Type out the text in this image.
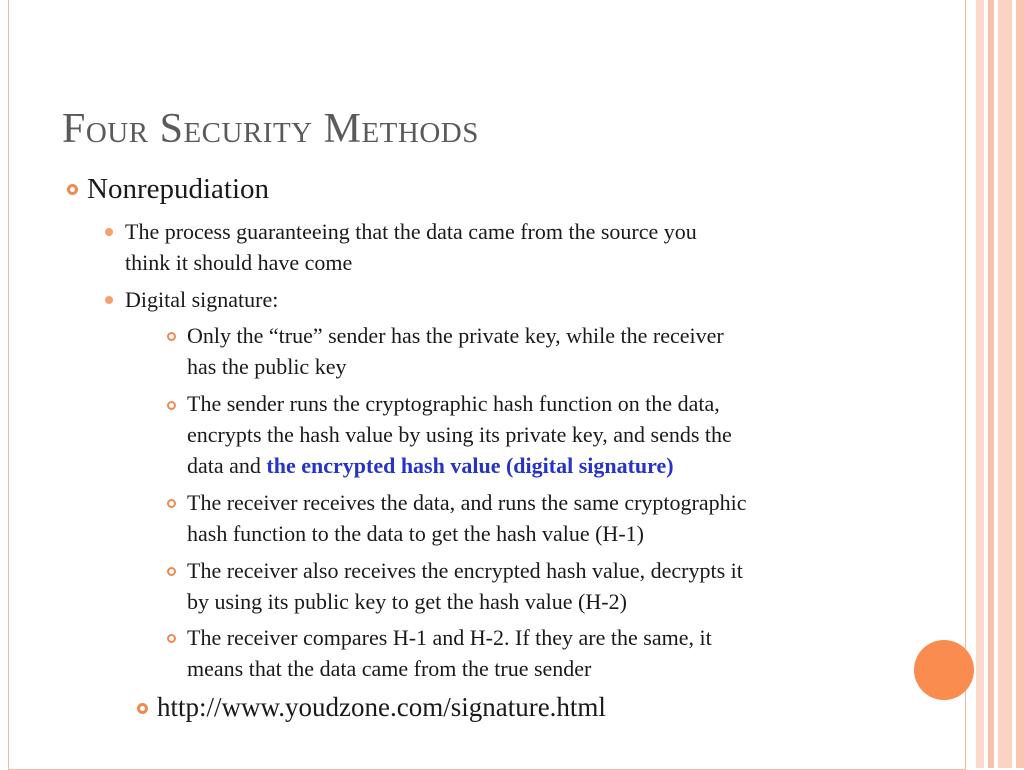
Four Security Methods
Nonrepudiation
The process guaranteeing that the data came from the source you
think it should have come
Digital signature:
Only the “true” sender has the private key, while the receiver
has the public key
The sender runs the cryptographic hash function on the data,
encrypts the hash value by using its private key, and sends the
data and the encrypted hash value (digital signature)
The receiver receives the data, and runs the same cryptographic
hash function to the data to get the hash value (H-1)
The receiver also receives the encrypted hash value, decrypts it
by using its public key to get the hash value (H-2)
The receiver compares H-1 and H-2. If they are the same, it
means that the data came from the true sender
http://www.youdzone.com/signature.html
